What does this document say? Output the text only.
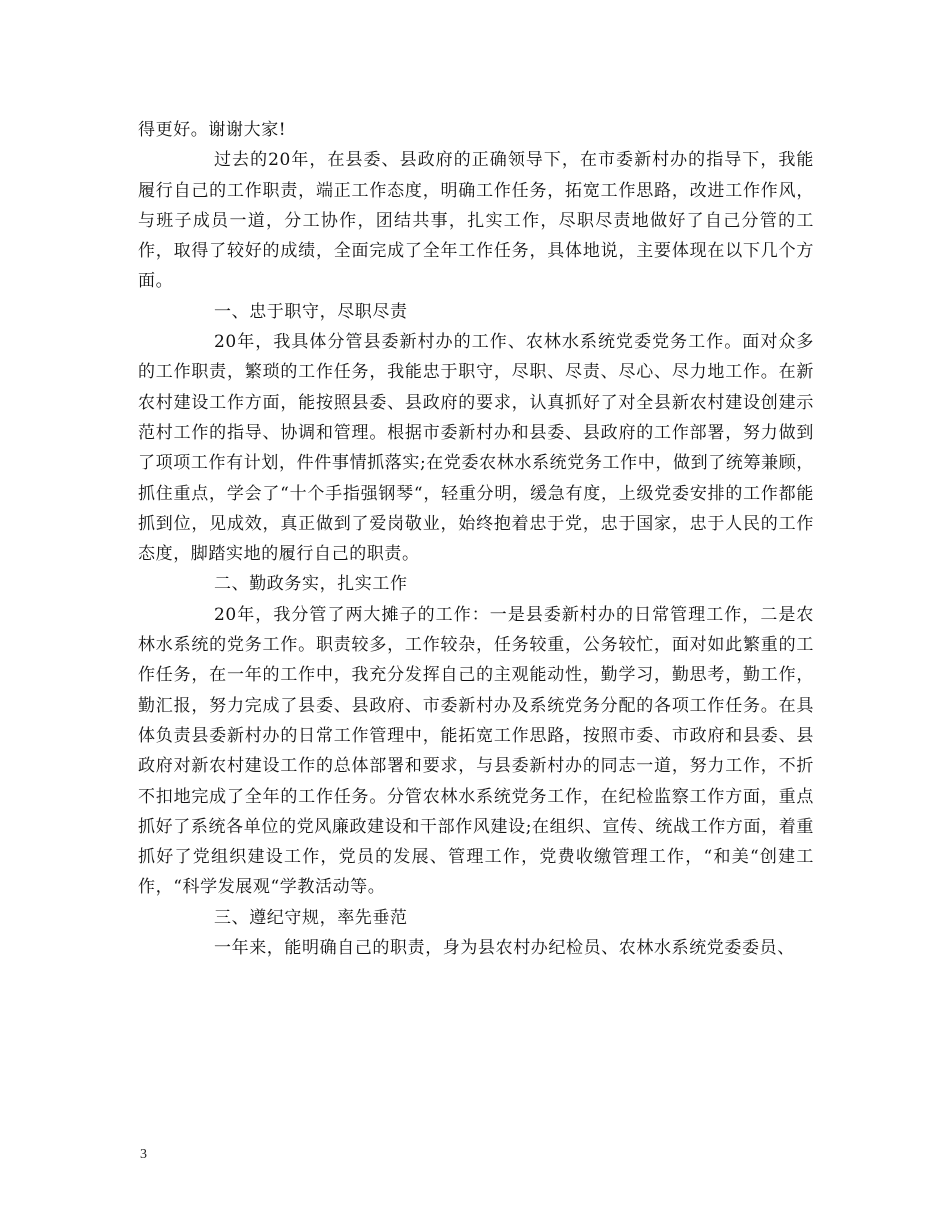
得更好。谢谢大家!

过去的20年，在县委、县政府的正确领导下，在市委新村办的指导下，我能履行自己的工作职责，端正工作态度，明确工作任务，拓宽工作思路，改进工作作风，与班子成员一道，分工协作，团结共事，扎实工作，尽职尽责地做好了自己分管的工作，取得了较好的成绩，全面完成了全年工作任务，具体地说，主要体现在以下几个方面。

一、忠于职守，尽职尽责

20年，我具体分管县委新村办的工作、农林水系统党委党务工作。面对众多的工作职责，繁琐的工作任务，我能忠于职守，尽职、尽责、尽心、尽力地工作。在新农村建设工作方面，能按照县委、县政府的要求，认真抓好了对全县新农村建设创建示范村工作的指导、协调和管理。根据市委新村办和县委、县政府的工作部署，努力做到了项项工作有计划，件件事情抓落实;在党委农林水系统党务工作中，做到了统筹兼顾，抓住重点，学会了“十个手指强钢琴“，轻重分明，缓急有度，上级党委安排的工作都能抓到位，见成效，真正做到了爱岗敬业，始终抱着忠于党，忠于国家，忠于人民的工作态度，脚踏实地的履行自己的职责。

二、勤政务实，扎实工作

20年，我分管了两大摊子的工作：一是县委新村办的日常管理工作，二是农林水系统的党务工作。职责较多，工作较杂，任务较重，公务较忙，面对如此繁重的工作任务，在一年的工作中，我充分发挥自己的主观能动性，勤学习，勤思考，勤工作，勤汇报，努力完成了县委、县政府、市委新村办及系统党务分配的各项工作任务。在具体负责县委新村办的日常工作管理中，能拓宽工作思路，按照市委、市政府和县委、县政府对新农村建设工作的总体部署和要求，与县委新村办的同志一道，努力工作，不折不扣地完成了全年的工作任务。分管农林水系统党务工作，在纪检监察工作方面，重点抓好了系统各单位的党风廉政建设和干部作风建设;在组织、宣传、统战工作方面，着重抓好了党组织建设工作，党员的发展、管理工作，党费收缴管理工作，“和美“创建工作，“科学发展观“学教活动等。

三、遵纪守规，率先垂范

一年来，能明确自己的职责，身为县农村办纪检员、农林水系统党委委员、

3
